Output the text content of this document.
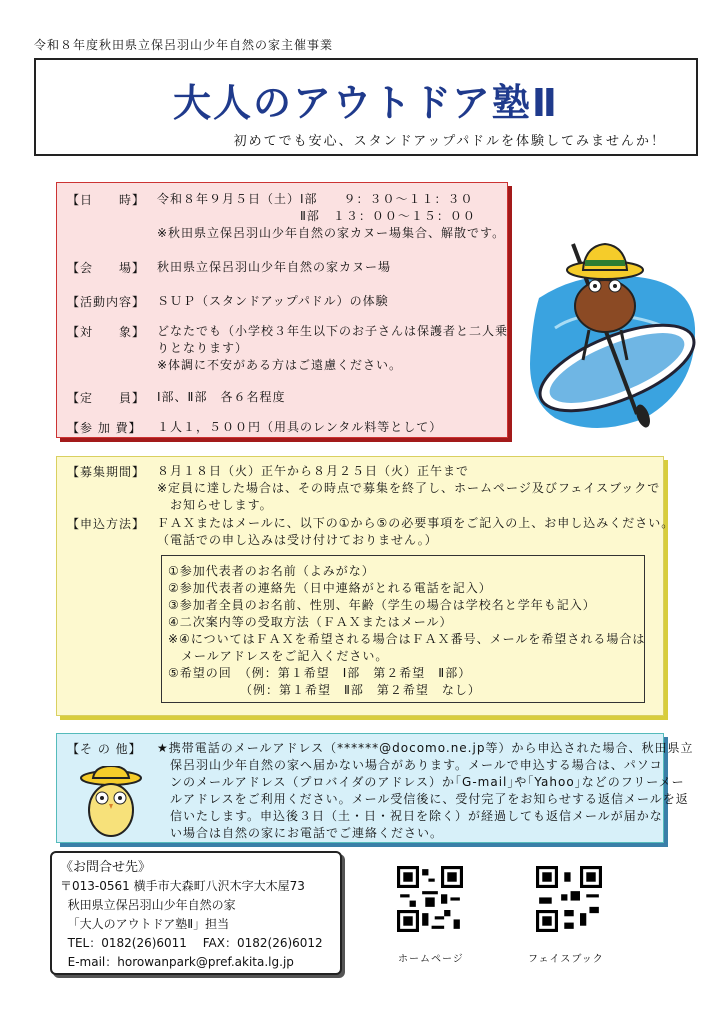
令和８年度秋田県立保呂羽山少年自然の家主催事業
大人のアウトドア塾Ⅱ
初めてでも安心、スタンドアップパドルを体験してみませんか！
【日　　時】 令和８年９月５日（土）Ⅰ部　　９：３０～１１：３０
　　　　　　　　　　　Ⅱ部　１３：００～１５：００
※秋田県立保呂羽山少年自然の家カヌー場集合、解散です。
【会　　場】 秋田県立保呂羽山少年自然の家カヌー場
【活動内容】 ＳＵＰ（スタンドアップパドル）の体験
【対　　象】 どなたでも（小学校３年生以下のお子さんは保護者と二人乗
りとなります）
※体調に不安がある方はご遠慮ください。
【定　　員】 Ⅰ部、Ⅱ部　各６名程度
【参 加 費】 １人１，５００円（用具のレンタル料等として）
【募集期間】 ８月１８日（火）正午から８月２５日（火）正午まで
※定員に達した場合は、その時点で募集を終了し、ホームページ及びフェイスブックで
　お知らせします。
【申込方法】 ＦＡＸまたはメールに、以下の①から⑤の必要事項をご記入の上、お申し込みください。
（電話での申し込みは受け付けておりません。）
①参加代表者のお名前（よみがな）
②参加代表者の連絡先（日中連絡がとれる電話を記入）
③参加者全員のお名前、性別、年齢（学生の場合は学校名と学年も記入）
④二次案内等の受取方法（ＦＡＸまたはメール）
※④についてはＦＡＸを希望される場合はＦＡＸ番号、メールを希望される場合は
　メールアドレスをご記入ください。
⑤希望の回　（例：第１希望　Ⅰ部　第２希望　Ⅱ部）
　　　　　　（例：第１希望　Ⅱ部　第２希望　なし）
【そ の 他】 ★携帯電話のメールアドレス（******@docomo.ne.jp等）から申込された場合、秋田県立
　保呂羽山少年自然の家へ届かない場合があります。メールで申込する場合は、パソコ
　ンのメールアドレス（プロバイダのアドレス）か｢G-mail｣や｢Yahoo｣などのフリーメー
　ルアドレスをご利用ください。メール受信後に、受付完了をお知らせする返信メールを返
　信いたします。申込後３日（土・日・祝日を除く）が経過しても返信メールが届かな
　い場合は自然の家にお電話でご連絡ください。
《お問合せ先》
〒013-0561 横手市大森町八沢木字大木屋73
秋田県立保呂羽山少年自然の家
「大人のアウトドア塾Ⅱ」担当
TEL：0182(26)6011　 FAX：0182(26)6012
E-mail：horowanpark@pref.akita.lg.jp	ホームページ	フェイスブック
